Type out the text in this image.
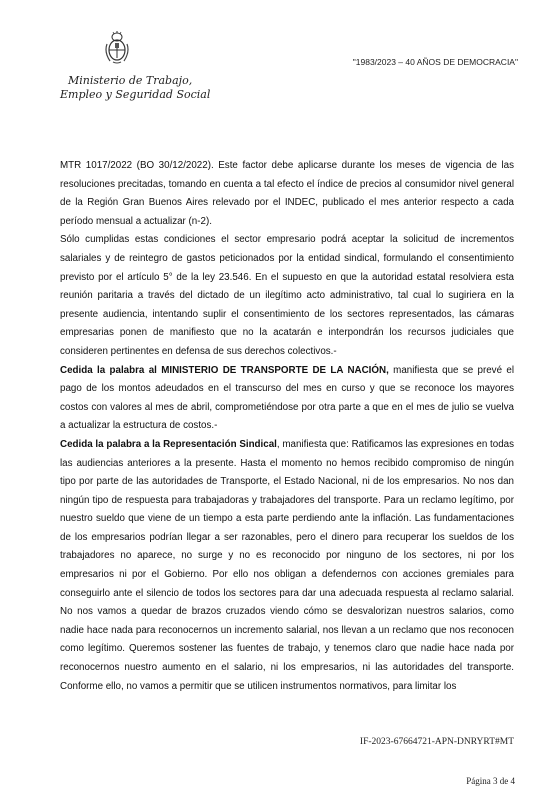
Ministerio de Trabajo,
Empleo y Seguridad Social
"1983/2023 – 40 AÑOS DE DEMOCRACIA"

MTR 1017/2022 (BO 30/12/2022). Este factor debe aplicarse durante los meses de vigencia de las resoluciones precitadas, tomando en cuenta a tal efecto el índice de precios al consumidor nivel general de la Región Gran Buenos Aires relevado por el INDEC, publicado el mes anterior respecto a cada período mensual a actualizar (n-2).

Sólo cumplidas estas condiciones el sector empresario podrá aceptar la solicitud de incrementos salariales y de reintegro de gastos peticionados por la entidad sindical, formulando el consentimiento previsto por el artículo 5° de la ley 23.546. En el supuesto en que la autoridad estatal resolviera esta reunión paritaria a través del dictado de un ilegítimo acto administrativo, tal cual lo sugiriera en la presente audiencia, intentando suplir el consentimiento de los sectores representados, las cámaras empresarias ponen de manifiesto que no la acatarán e interpondrán los recursos judiciales que consideren pertinentes en defensa de sus derechos colectivos.-

Cedida la palabra al MINISTERIO DE TRANSPORTE DE LA NACIÓN, manifiesta que se prevé el pago de los montos adeudados en el transcurso del mes en curso y que se reconoce los mayores costos con valores al mes de abril, comprometiéndose por otra parte a que en el mes de julio se vuelva a actualizar la estructura de costos.-

Cedida la palabra a la Representación Sindical, manifiesta que: Ratificamos las expresiones en todas las audiencias anteriores a la presente. Hasta el momento no hemos recibido compromiso de ningún tipo por parte de las autoridades de Transporte, el Estado Nacional, ni de los empresarios. No nos dan ningún tipo de respuesta para trabajadoras y trabajadores del transporte. Para un reclamo legítimo, por nuestro sueldo que viene de un tiempo a esta parte perdiendo ante la inflación. Las fundamentaciones de los empresarios podrían llegar a ser razonables, pero el dinero para recuperar los sueldos de los trabajadores no aparece, no surge y no es reconocido por ninguno de los sectores, ni por los empresarios ni por el Gobierno. Por ello nos obligan a defendernos con acciones gremiales para conseguirlo ante el silencio de todos los sectores para dar una adecuada respuesta al reclamo salarial. No nos vamos a quedar de brazos cruzados viendo cómo se desvalorizan nuestros salarios, como nadie hace nada para reconocernos un incremento salarial, nos llevan a un reclamo que nos reconocen como legítimo. Queremos sostener las fuentes de trabajo, y tenemos claro que nadie hace nada por reconocernos nuestro aumento en el salario, ni los empresarios, ni las autoridades del transporte. Conforme ello, no vamos a permitir que se utilicen instrumentos normativos, para limitar los

IF-2023-67664721-APN-DNRYRT#MT
Página 3 de 4
